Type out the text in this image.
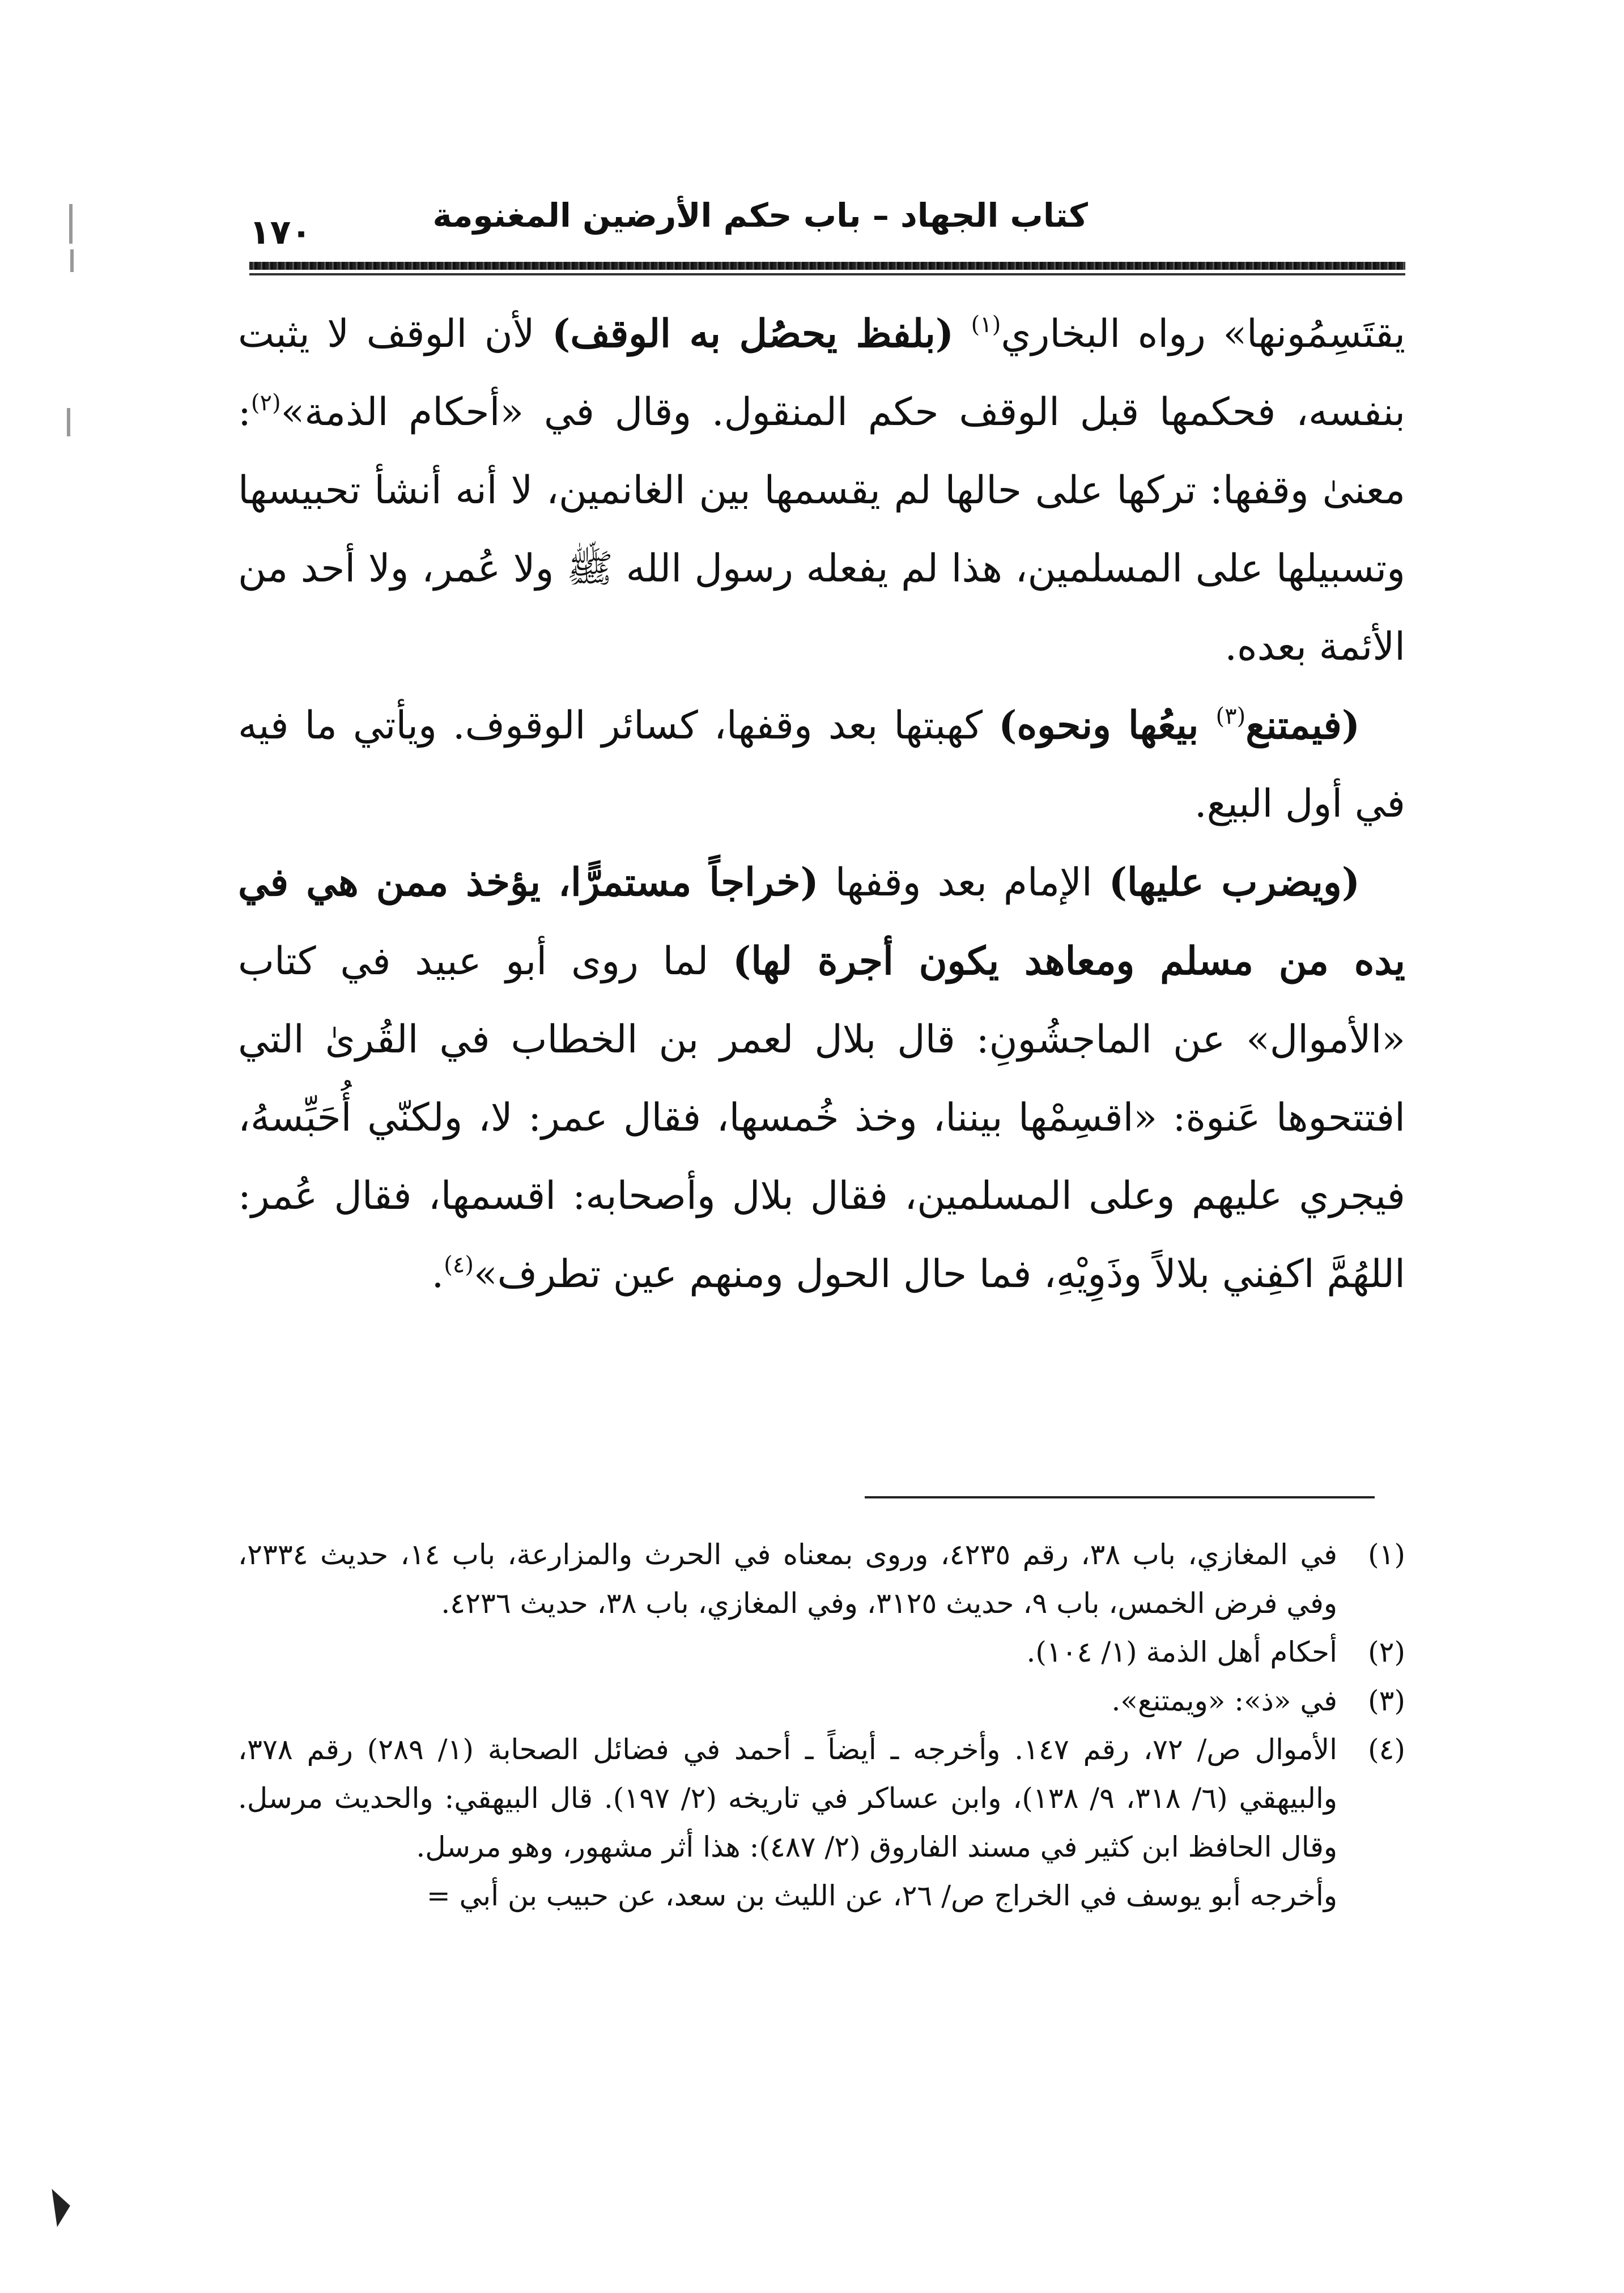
كتاب الجهاد – باب حكم الأرضين المغنومة
١٧٠

يقتَسِمُونها» رواه البخاري$^{(١)}$ (بلفظ يحصُل به الوقف) لأن الوقف لا يثبت بنفسه، فحكمها قبل الوقف حكم المنقول. وقال في «أحكام الذمة»$^{(٢)}$: معنىٰ وقفها: تركها على حالها لم يقسمها بين الغانمين، لا أنه أنشأ تحبيسها وتسبيلها على المسلمين، هذا لم يفعله رسول الله ﷺ ولا عُمر، ولا أحد من الأئمة بعده.

(فيمتنع$^{(٣)}$ بيعُها ونحوه) كهبتها بعد وقفها، كسائر الوقوف. ويأتي ما فيه في أول البيع.

(ويضرب عليها) الإمام بعد وقفها (خراجاً مستمرًّا، يؤخذ ممن هي في يده من مسلم ومعاهد يكون أجرة لها) لما روى أبو عبيد في كتاب «الأموال» عن الماجشُونِ: قال بلال لعمر بن الخطاب في القُرىٰ التي افتتحوها عَنوة: «اقسِمْها بيننا، وخذ خُمسها، فقال عمر: لا، ولكنّي أُحَبِّسهُ، فيجري عليهم وعلى المسلمين، فقال بلال وأصحابه: اقسمها، فقال عُمر: اللهُمَّ اكفِني بلالاً وذَوِيْهِ، فما حال الحول ومنهم عين تطرف»$^{(٤)}$.

(١)
في المغازي، باب ٣٨، رقم ٤٢٣٥، وروى بمعناه في الحرث والمزارعة، باب ١٤، حديث ٢٣٣٤، وفي فرض الخمس، باب ٩، حديث ٣١٢٥، وفي المغازي، باب ٣٨، حديث ٤٢٣٦.
(٢)
أحكام أهل الذمة (١/ ١٠٤).
(٣)
في «ذ»: «ويمتنع».
(٤)
الأموال ص/ ٧٢، رقم ١٤٧. وأخرجه ـ أيضاً ـ أحمد في فضائل الصحابة (١/ ٢٨٩) رقم ٣٧٨، والبيهقي (٦/ ٣١٨، ٩/ ١٣٨)، وابن عساكر في تاريخه (٢/ ١٩٧). قال البيهقي: والحديث مرسل. وقال الحافظ ابن كثير في مسند الفاروق (٢/ ٤٨٧): هذا أثر مشهور، وهو مرسل.

وأخرجه أبو يوسف في الخراج ص/ ٢٦، عن الليث بن سعد، عن حبيب بن أبي =
